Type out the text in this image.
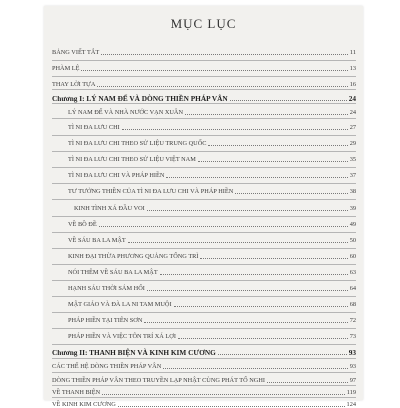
MỤC LỤC
BẢNG VIẾT TẮT	11
PHÀM LỆ	13
THAY LỜI TỰA	16
Chương I: LÝ NAM ĐẾ VÀ DÒNG THIỀN PHÁP VÂN	24
LÝ NAM ĐẾ VÀ NHÀ NƯỚC VẠN XUÂN	24
TÌ NI ĐA LƯU CHI	27
TÌ NI ĐA LƯU CHI THEO SỬ LIỆU TRUNG QUỐC	29
TÌ NI ĐA LƯU CHI THEO SỬ LIỆU VIỆT NAM	35
TÌ NI ĐA LƯU CHI VÀ PHÁP HIỀN	37
TƯ TƯỞNG THIỀN CỦA TÌ NI ĐA LƯU CHI VÀ PHÁP HIỀN	38
KINH TÌNH XÁ ĐẦU VOI	39
VỀ BỒ ĐỀ	49
VỀ SÁU BA LA MẬT	50
KINH ĐẠI THỪA PHƯƠNG QUẢNG TỔNG TRÌ	60
NÓI THÊM VỀ SÁU BA LA MẬT	63
HẠNH SÁU THỜI SÁM HỐI	64
MẬT GIÁO VÀ ĐÀ LA NI TAM MUỘI	68
PHÁP HIỀN TẠI TIÊN SƠN	72
PHÁP HIỀN VÀ VIỆC TÔN TRÍ XÁ LỢI	73
Chương II: THANH BIỆN VÀ KINH KIM CƯƠNG	93
CÁC THẾ HỆ DÒNG THIỀN PHÁP VÂN	93
DÒNG THIỀN PHÁP VÂN THEO TRUYỀN LẠP NHẬT CÙNG PHÁT TỔ NGHI	97
VỀ THANH BIỆN	119
VỀ KINH KIM CƯƠNG	124
